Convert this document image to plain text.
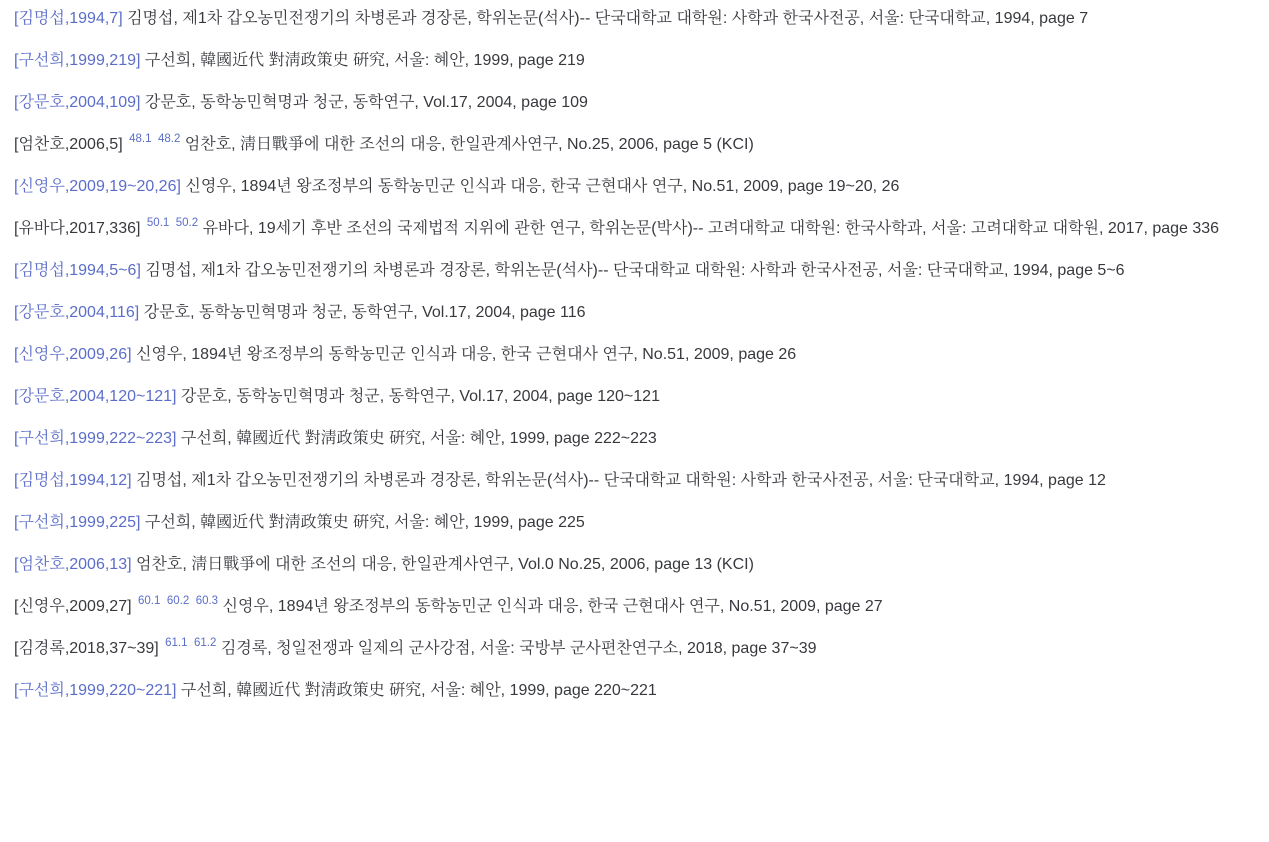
[김명섭,1994,7] 김명섭, 제1차 갑오농민전쟁기의 차병론과 경장론, 학위논문(석사)-- 단국대학교 대학원: 사학과 한국사전공, 서울: 단국대학교, 1994, page 7

[구선희,1999,219] 구선희, 韓國近代 對淸政策史 硏究, 서울: 혜안, 1999, page 219

[강문호,2004,109] 강문호, 동학농민혁명과 청군, 동학연구, Vol.17, 2004, page 109

[엄찬호,2006,5] $^{48.1}$ $^{48.2}$ 엄찬호, 淸日戰爭에 대한 조선의 대응, 한일관계사연구, No.25, 2006, page 5 (KCI)

[신영우,2009,19~20,26] 신영우, 1894년 왕조정부의 동학농민군 인식과 대응, 한국 근현대사 연구, No.51, 2009, page 19~20, 26

[유바다,2017,336] $^{50.1}$ $^{50.2}$ 유바다, 19세기 후반 조선의 국제법적 지위에 관한 연구, 학위논문(박사)-- 고려대학교 대학원: 한국사학과, 서울: 고려대학교 대학원, 2017, page 336

[김명섭,1994,5~6] 김명섭, 제1차 갑오농민전쟁기의 차병론과 경장론, 학위논문(석사)-- 단국대학교 대학원: 사학과 한국사전공, 서울: 단국대학교, 1994, page 5~6

[강문호,2004,116] 강문호, 동학농민혁명과 청군, 동학연구, Vol.17, 2004, page 116

[신영우,2009,26] 신영우, 1894년 왕조정부의 동학농민군 인식과 대응, 한국 근현대사 연구, No.51, 2009, page 26

[강문호,2004,120~121] 강문호, 동학농민혁명과 청군, 동학연구, Vol.17, 2004, page 120~121

[구선희,1999,222~223] 구선희, 韓國近代 對淸政策史 硏究, 서울: 혜안, 1999, page 222~223

[김명섭,1994,12] 김명섭, 제1차 갑오농민전쟁기의 차병론과 경장론, 학위논문(석사)-- 단국대학교 대학원: 사학과 한국사전공, 서울: 단국대학교, 1994, page 12

[구선희,1999,225] 구선희, 韓國近代 對淸政策史 硏究, 서울: 혜안, 1999, page 225

[엄찬호,2006,13] 엄찬호, 淸日戰爭에 대한 조선의 대응, 한일관계사연구, Vol.0 No.25, 2006, page 13 (KCI)

[신영우,2009,27] $^{60.1}$ $^{60.2}$ $^{60.3}$ 신영우, 1894년 왕조정부의 동학농민군 인식과 대응, 한국 근현대사 연구, No.51, 2009, page 27

[김경록,2018,37~39] $^{61.1}$ $^{61.2}$ 김경록, 청일전쟁과 일제의 군사강점, 서울: 국방부 군사편찬연구소, 2018, page 37~39

[구선희,1999,220~221] 구선희, 韓國近代 對淸政策史 硏究, 서울: 혜안, 1999, page 220~221
